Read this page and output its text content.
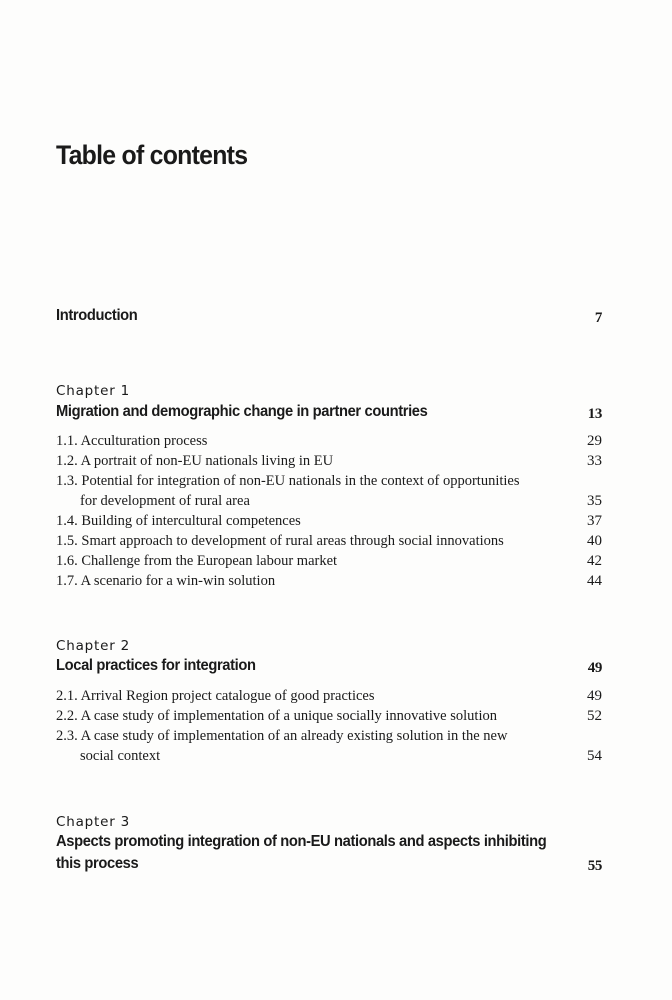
Table of contents
Introduction	7
Chapter 1
Migration and demographic change in partner countries	13
1.1. Acculturation process	29
1.2. A portrait of non-EU nationals living in EU	33
1.3. Potential for integration of non-EU nationals in the context of opportunities
for development of rural area	35
1.4. Building of intercultural competences	37
1.5. Smart approach to development of rural areas through social innovations	40
1.6. Challenge from the European labour market	42
1.7. A scenario for a win-win solution	44
Chapter 2
Local practices for integration	49
2.1. Arrival Region project catalogue of good practices	49
2.2. A case study of implementation of a unique socially innovative solution	52
2.3. A case study of implementation of an already existing solution in the new
social context	54
Chapter 3
Aspects promoting integration of non-EU nationals and aspects inhibiting
this process	55
